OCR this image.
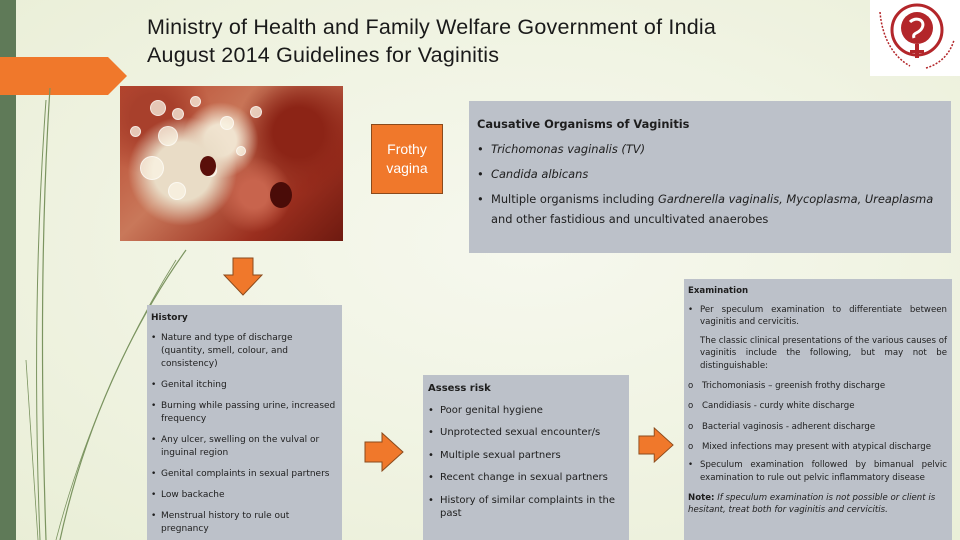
Ministry of Health and Family Welfare Government of India
August 2014 Guidelines for Vaginitis
Frothy
vagina
Causative Organisms of Vaginitis
• Trichomonas vaginalis (TV)
• Candida albicans
• Multiple organisms including Gardnerella vaginalis, Mycoplasma, Ureaplasma and other fastidious and uncultivated anaerobes
History
• Nature and type of discharge (quantity, smell, colour, and consistency)
• Genital itching
• Burning while passing urine, increased frequency
• Any ulcer, swelling on the vulval or inguinal region
• Genital complaints in sexual partners
• Low backache
• Menstrual history to rule out pregnancy
Assess risk
• Poor genital hygiene
• Unprotected sexual encounter/s
• Multiple sexual partners
• Recent change in sexual partners
• History of similar complaints in the past
Examination
• Per speculum examination to differentiate between vaginitis and cervicitis.
The classic clinical presentations of the various causes of vaginitis include the following, but may not be distinguishable:
o Trichomoniasis – greenish frothy discharge
o Candidiasis - curdy white discharge
o Bacterial vaginosis - adherent discharge
o Mixed infections may present with atypical discharge
• Speculum examination followed by bimanual pelvic examination to rule out pelvic inflammatory disease
Note: If speculum examination is not possible or client is hesitant, treat both for vaginitis and cervicitis.
